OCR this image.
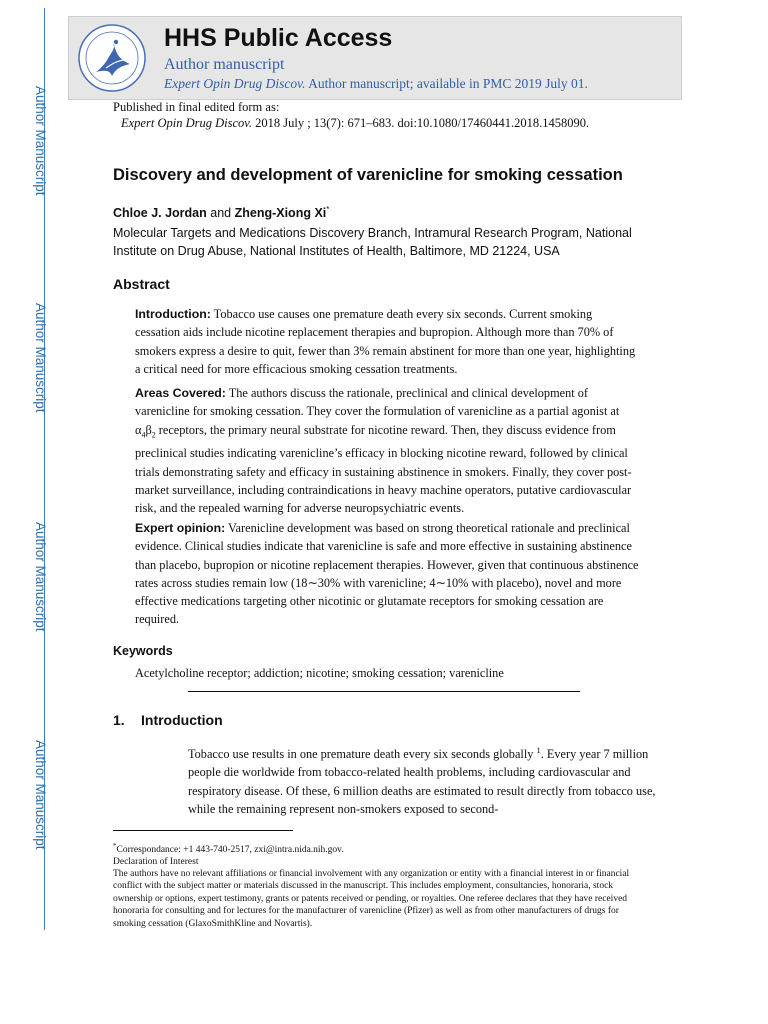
Author Manuscript
Author Manuscript
Author Manuscript
Author Manuscript
HHS Public Access
Author manuscript
Expert Opin Drug Discov. Author manuscript; available in PMC 2019 July 01.
Published in final edited form as:
Expert Opin Drug Discov. 2018 July ; 13(7): 671–683. doi:10.1080/17460441.2018.1458090.
Discovery and development of varenicline for smoking cessation
Chloe J. Jordan and Zheng-Xiong Xi*
Molecular Targets and Medications Discovery Branch, Intramural Research Program, National Institute on Drug Abuse, National Institutes of Health, Baltimore, MD 21224, USA
Abstract
Introduction: Tobacco use causes one premature death every six seconds. Current smoking cessation aids include nicotine replacement therapies and bupropion. Although more than 70% of smokers express a desire to quit, fewer than 3% remain abstinent for more than one year, highlighting a critical need for more efficacious smoking cessation treatments.
Areas Covered: The authors discuss the rationale, preclinical and clinical development of varenicline for smoking cessation. They cover the formulation of varenicline as a partial agonist at $\alpha_4\beta_2$ receptors, the primary neural substrate for nicotine reward. Then, they discuss evidence from preclinical studies indicating varenicline’s efficacy in blocking nicotine reward, followed by clinical trials demonstrating safety and efficacy in sustaining abstinence in smokers. Finally, they cover post-market surveillance, including contraindications in heavy machine operators, putative cardiovascular risk, and the repealed warning for adverse neuropsychiatric events.
Expert opinion: Varenicline development was based on strong theoretical rationale and preclinical evidence. Clinical studies indicate that varenicline is safe and more effective in sustaining abstinence than placebo, bupropion or nicotine replacement therapies. However, given that continuous abstinence rates across studies remain low (18∼30% with varenicline; 4∼10% with placebo), novel and more effective medications targeting other nicotinic or glutamate receptors for smoking cessation are required.
Keywords
Acetylcholine receptor; addiction; nicotine; smoking cessation; varenicline
1. Introduction
Tobacco use results in one premature death every six seconds globally $^1$. Every year 7 million people die worldwide from tobacco-related health problems, including cardiovascular and respiratory disease. Of these, 6 million deaths are estimated to result directly from tobacco use, while the remaining represent non-smokers exposed to second-
*Correspondance: +1 443-740-2517, zxi@intra.nida.nih.gov.
Declaration of Interest
The authors have no relevant affiliations or financial involvement with any organization or entity with a financial interest in or financial conflict with the subject matter or materials discussed in the manuscript. This includes employment, consultancies, honoraria, stock ownership or options, expert testimony, grants or patents received or pending, or royalties. One referee declares that they have received honoraria for consulting and for lectures for the manufacturer of varenicline (Pfizer) as well as from other manufacturers of drugs for smoking cessation (GlaxoSmithKline and Novartis).
